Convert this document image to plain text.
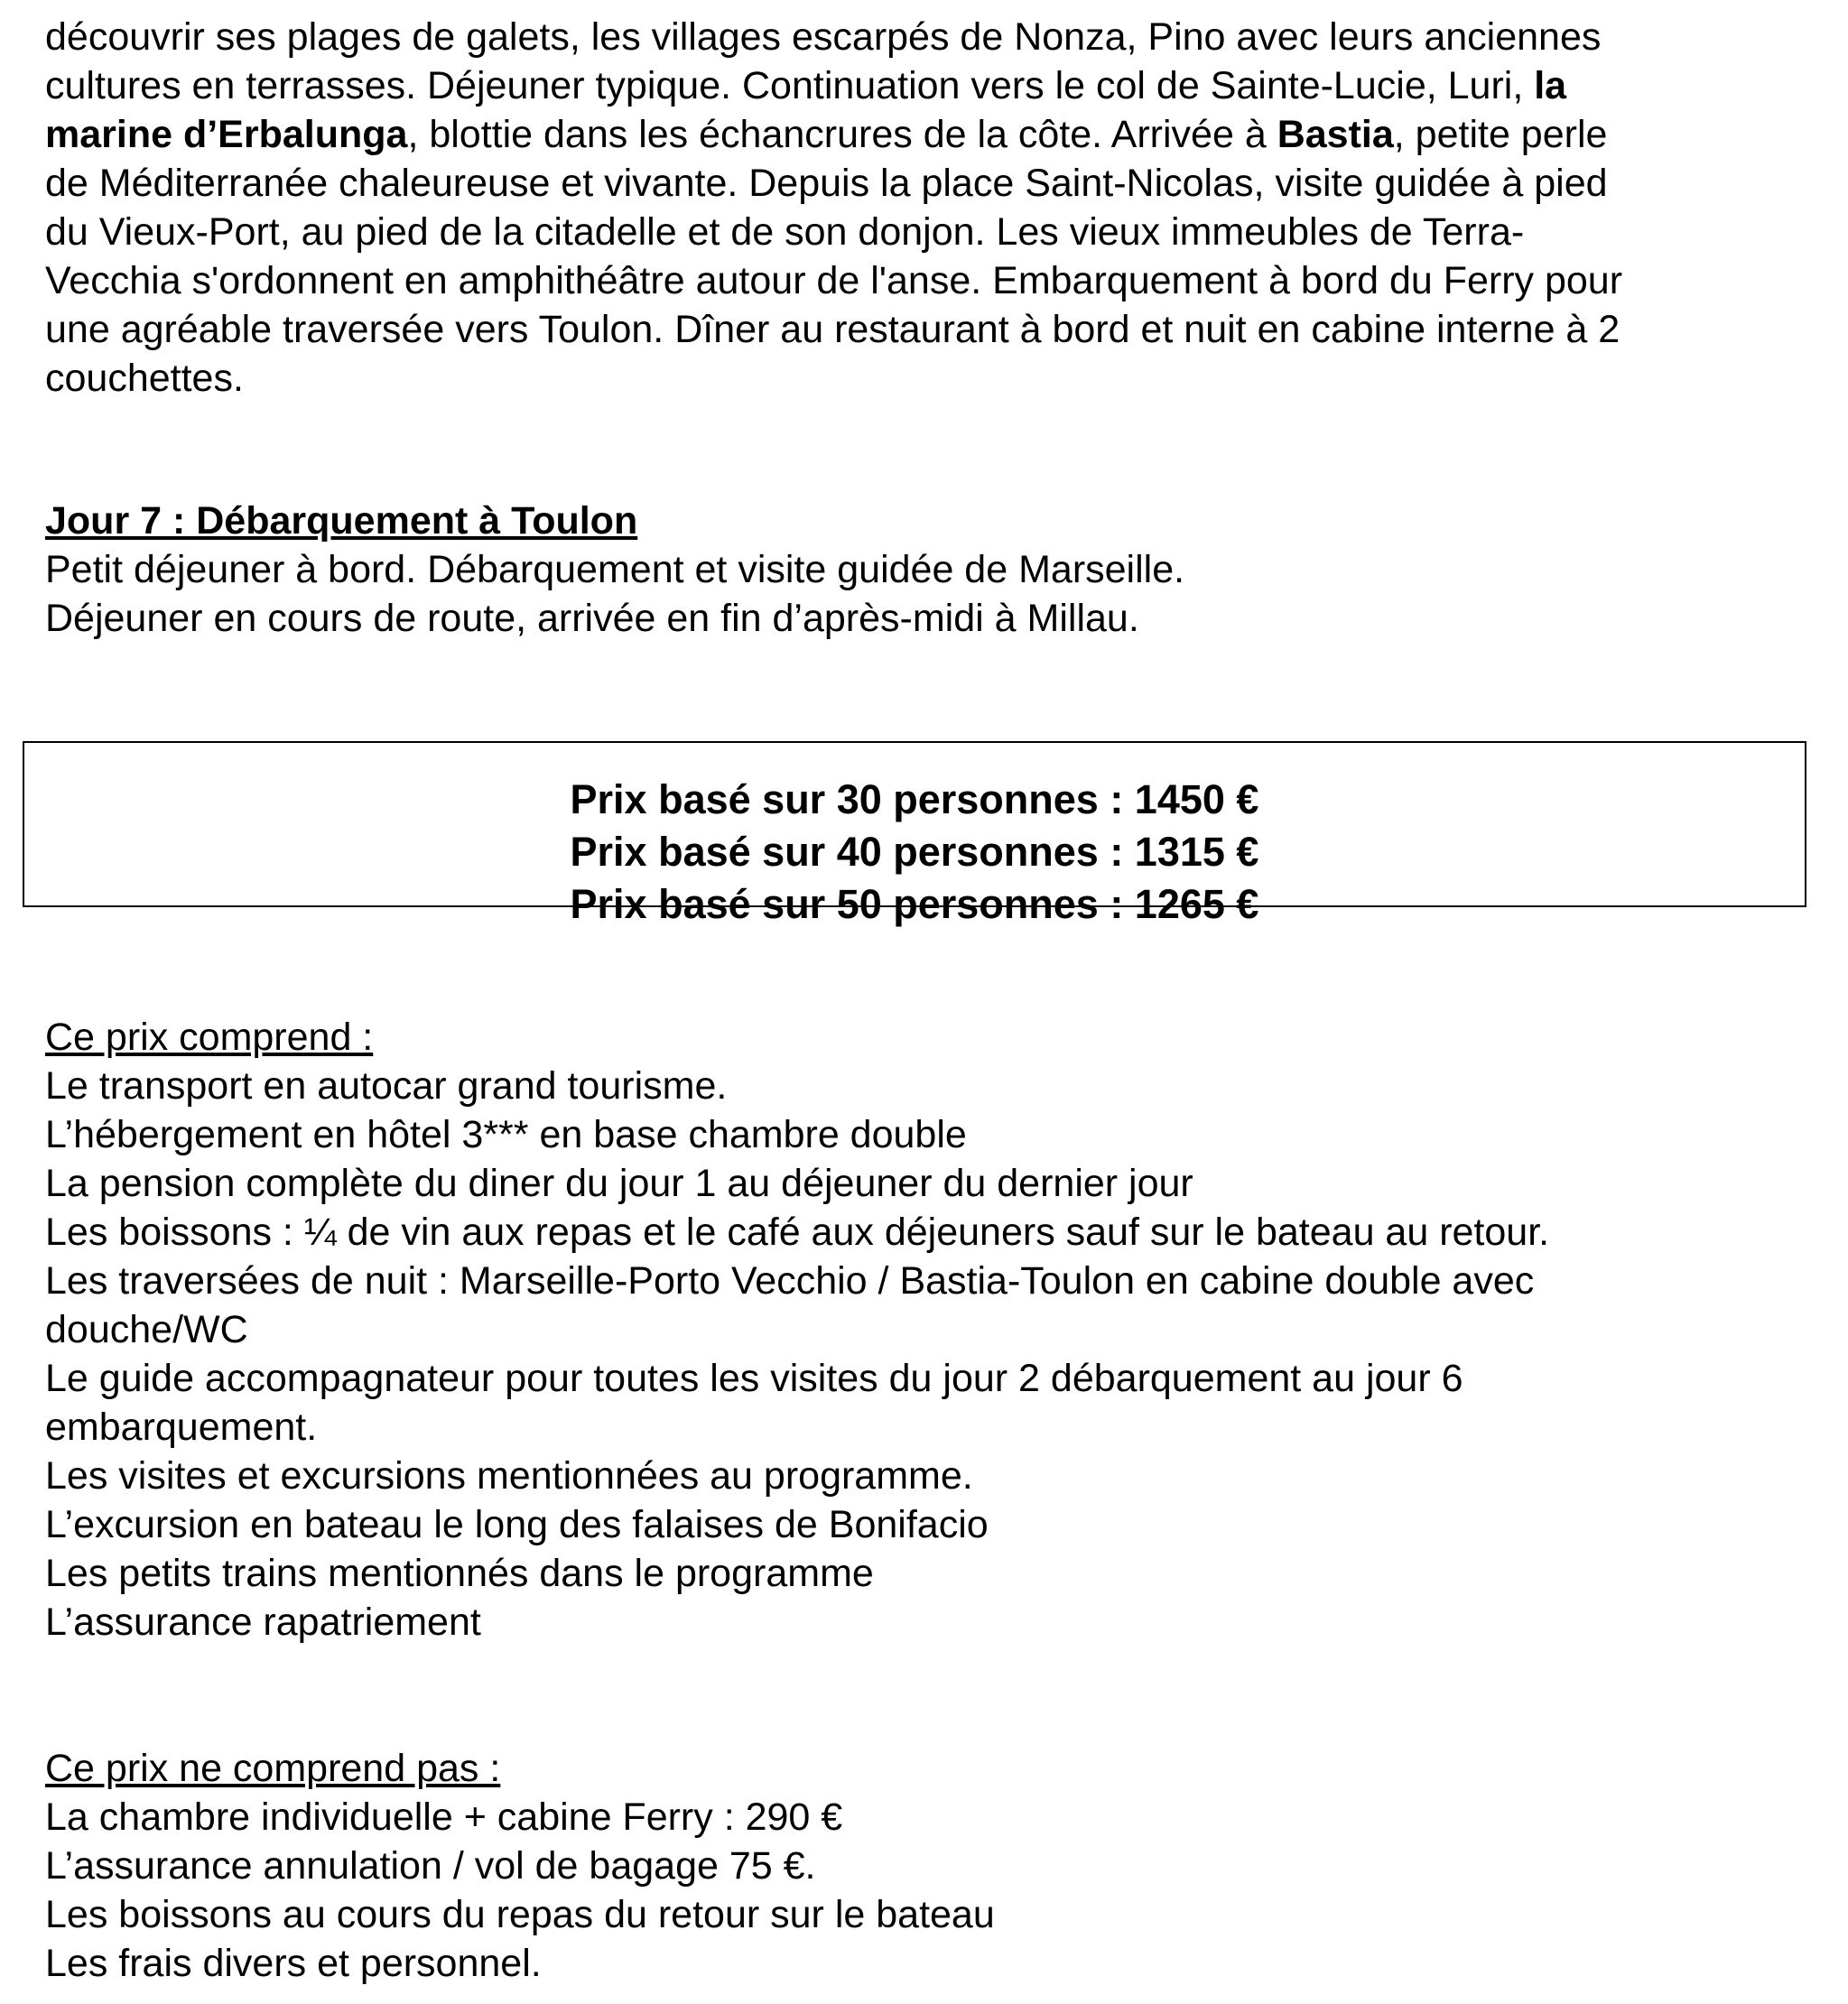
découvrir ses plages de galets, les villages escarpés de Nonza, Pino avec leurs anciennes
cultures en terrasses. Déjeuner typique. Continuation vers le col de Sainte-Lucie, Luri, la
marine d’Erbalunga, blottie dans les échancrures de la côte. Arrivée à Bastia, petite perle
de Méditerranée chaleureuse et vivante. Depuis la place Saint-Nicolas, visite guidée à pied
du Vieux-Port, au pied de la citadelle et de son donjon. Les vieux immeubles de Terra-
Vecchia s'ordonnent en amphithéâtre autour de l'anse. Embarquement à bord du Ferry pour
une agréable traversée vers Toulon. Dîner au restaurant à bord et nuit en cabine interne à 2
couchettes.
Jour 7 : Débarquement à Toulon
Petit déjeuner à bord. Débarquement et visite guidée de Marseille.
Déjeuner en cours de route, arrivée en fin d’après-midi à Millau.
Prix basé sur 30 personnes : 1450 €
Prix basé sur 40 personnes : 1315 €
Prix basé sur 50 personnes : 1265 €
Ce prix comprend :
Le transport en autocar grand tourisme.
L’hébergement en hôtel 3*** en base chambre double
La pension complète du diner du jour 1 au déjeuner du dernier jour
Les boissons : ¼ de vin aux repas et le café aux déjeuners sauf sur le bateau au retour.
Les traversées de nuit : Marseille-Porto Vecchio / Bastia-Toulon en cabine double avec
douche/WC
Le guide accompagnateur pour toutes les visites du jour 2 débarquement au jour 6
embarquement.
Les visites et excursions mentionnées au programme.
L’excursion en bateau le long des falaises de Bonifacio
Les petits trains mentionnés dans le programme
L’assurance rapatriement
Ce prix ne comprend pas :
La chambre individuelle + cabine Ferry : 290 €
L’assurance annulation / vol de bagage 75 €.
Les boissons au cours du repas du retour sur le bateau
Les frais divers et personnel.
